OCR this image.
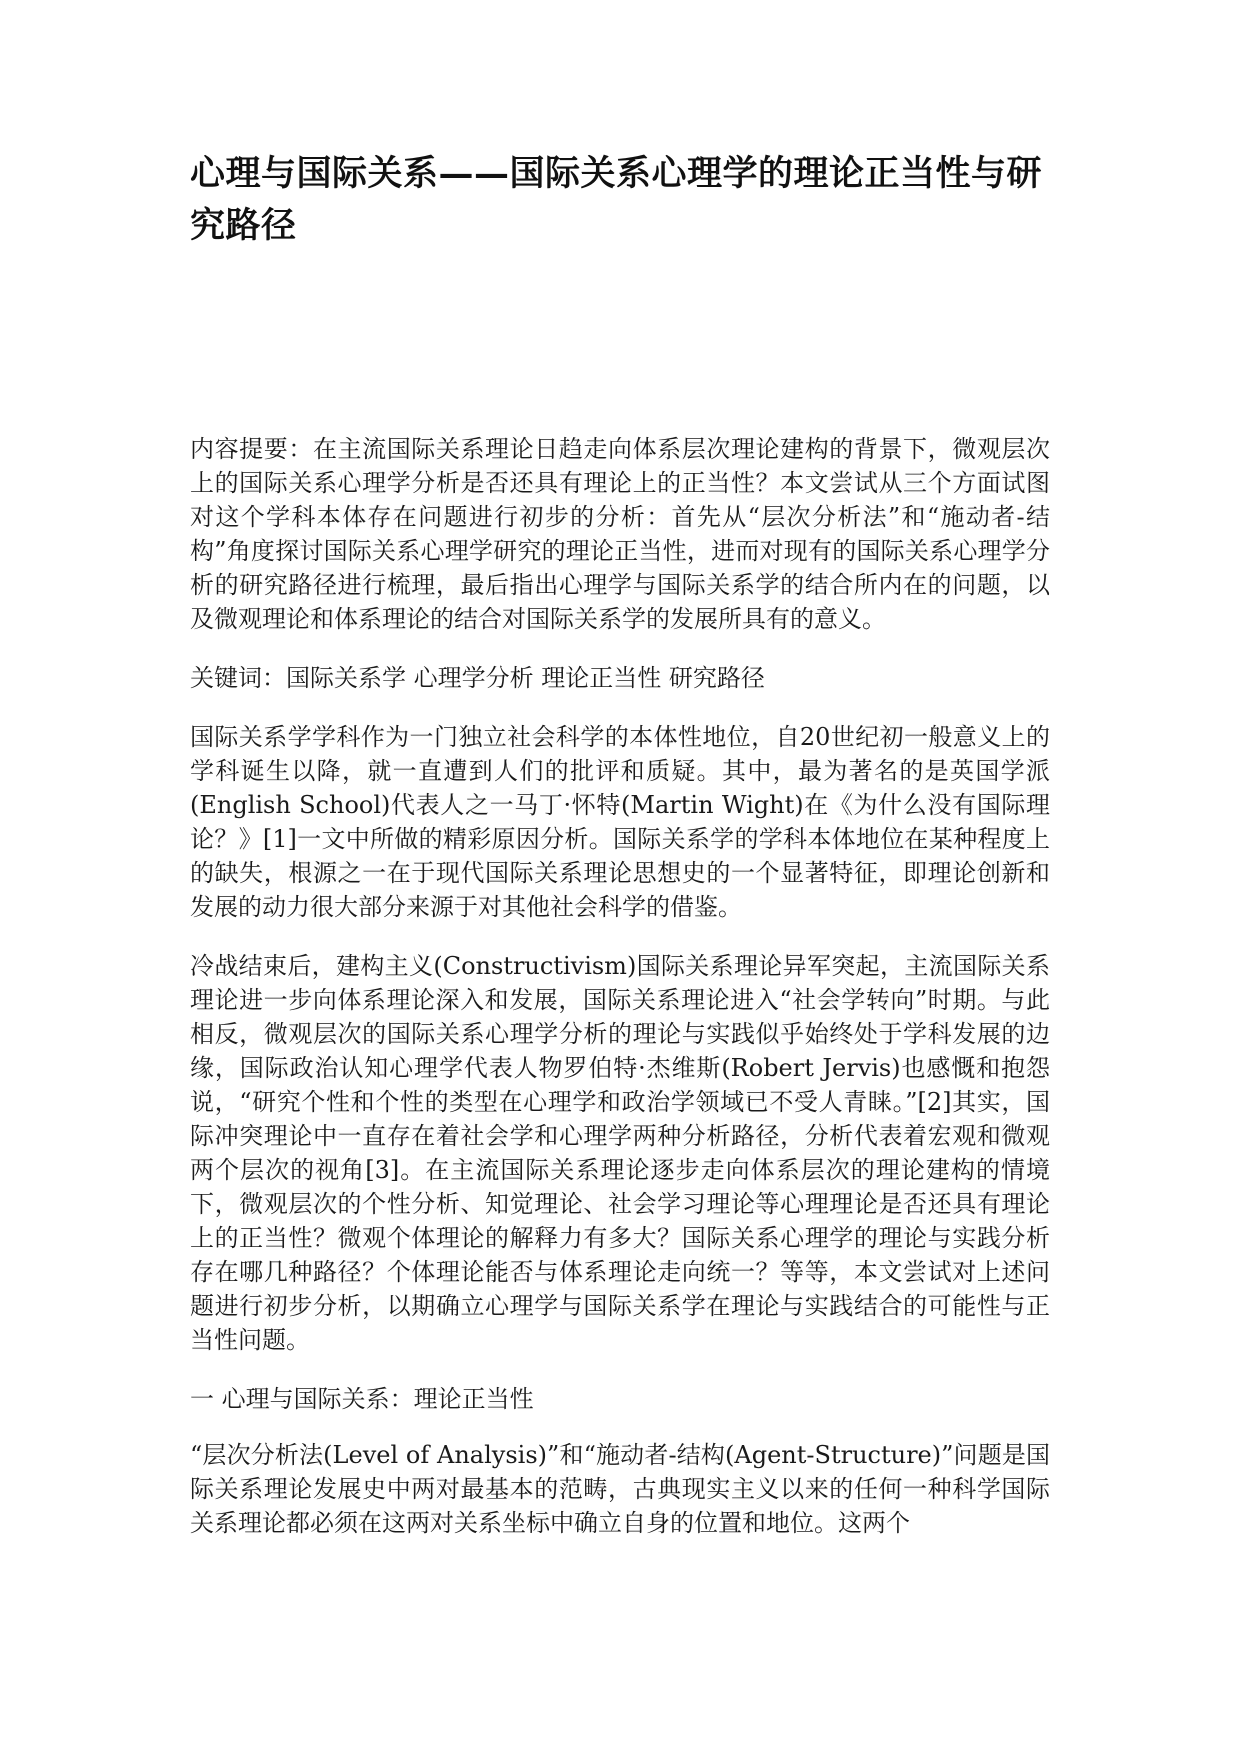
心理与国际关系——国际关系心理学的理论正当性与研究路径

内容提要：在主流国际关系理论日趋走向体系层次理论建构的背景下，微观层次上的国际关系心理学分析是否还具有理论上的正当性？本文尝试从三个方面试图对这个学科本体存在问题进行初步的分析：首先从“层次分析法”和“施动者-结构”角度探讨国际关系心理学研究的理论正当性，进而对现有的国际关系心理学分析的研究路径进行梳理，最后指出心理学与国际关系学的结合所内在的问题，以及微观理论和体系理论的结合对国际关系学的发展所具有的意义。

关键词：国际关系学 心理学分析 理论正当性 研究路径

国际关系学学科作为一门独立社会科学的本体性地位，自20世纪初一般意义上的学科诞生以降，就一直遭到人们的批评和质疑。其中，最为著名的是英国学派(English School)代表人之一马丁·怀特(Martin Wight)在《为什么没有国际理论？》[1]一文中所做的精彩原因分析。国际关系学的学科本体地位在某种程度上的缺失，根源之一在于现代国际关系理论思想史的一个显著特征，即理论创新和发展的动力很大部分来源于对其他社会科学的借鉴。

冷战结束后，建构主义(Constructivism)国际关系理论异军突起，主流国际关系理论进一步向体系理论深入和发展，国际关系理论进入“社会学转向”时期。与此相反，微观层次的国际关系心理学分析的理论与实践似乎始终处于学科发展的边缘，国际政治认知心理学代表人物罗伯特·杰维斯(Robert Jervis)也感慨和抱怨说，“研究个性和个性的类型在心理学和政治学领域已不受人青睐。”[2]其实，国际冲突理论中一直存在着社会学和心理学两种分析路径，分析代表着宏观和微观两个层次的视角[3]。在主流国际关系理论逐步走向体系层次的理论建构的情境下，微观层次的个性分析、知觉理论、社会学习理论等心理理论是否还具有理论上的正当性？微观个体理论的解释力有多大？国际关系心理学的理论与实践分析存在哪几种路径？个体理论能否与体系理论走向统一？等等，本文尝试对上述问题进行初步分析，以期确立心理学与国际关系学在理论与实践结合的可能性与正当性问题。

一 心理与国际关系：理论正当性

“层次分析法(Level of Analysis)”和“施动者-结构(Agent-Structure)”问题是国际关系理论发展史中两对最基本的范畴，古典现实主义以来的任何一种科学国际关系理论都必须在这两对关系坐标中确立自身的位置和地位。这两个
